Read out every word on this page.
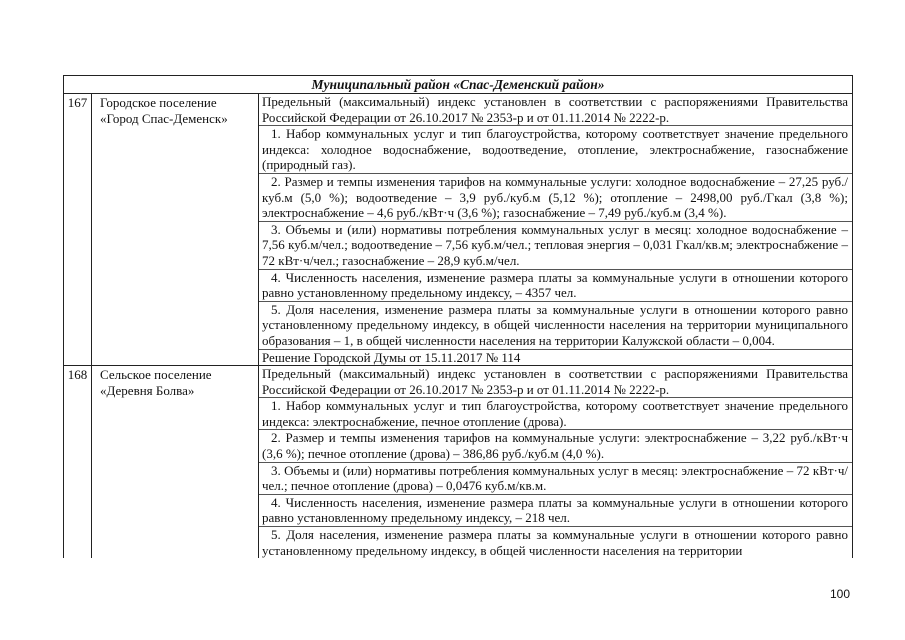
Муниципальный район «Спас-Деменский район»
167 Городское поселение «Город Спас-Деменск»
Предельный (максимальный) индекс установлен в соответствии с распоряжениями Правительства Российской Федерации от 26.10.2017 № 2353-р и от 01.11.2014 № 2222-р.
1. Набор коммунальных услуг и тип благоустройства, которому соответствует значение предельного индекса: холодное водоснабжение, водоотведение, отопление, электроснабжение, газоснабжение (природный газ).
2. Размер и темпы изменения тарифов на коммунальные услуги: холодное водоснабжение – 27,25 руб./куб.м (5,0 %); водоотведение – 3,9 руб./куб.м (5,12 %); отопление – 2498,00 руб./Гкал (3,8 %); электроснабжение – 4,6 руб./кВт·ч (3,6 %); газоснабжение – 7,49 руб./куб.м (3,4 %).
3. Объемы и (или) нормативы потребления коммунальных услуг в месяц: холодное водоснабжение – 7,56 куб.м/чел.; водоотведение – 7,56 куб.м/чел.; тепловая энергия – 0,031 Гкал/кв.м; электроснабжение – 72 кВт·ч/чел.; газоснабжение – 28,9 куб.м/чел.
4. Численность населения, изменение размера платы за коммунальные услуги в отношении которого равно установленному предельному индексу, – 4357 чел.
5. Доля населения, изменение размера платы за коммунальные услуги в отношении которого равно установленному предельному индексу, в общей численности населения на территории муниципального образования – 1, в общей численности населения на территории Калужской области – 0,004.
Решение Городской Думы от 15.11.2017 № 114
168 Сельское поселение «Деревня Болва»
Предельный (максимальный) индекс установлен в соответствии с распоряжениями Правительства Российской Федерации от 26.10.2017 № 2353-р и от 01.11.2014 № 2222-р.
1. Набор коммунальных услуг и тип благоустройства, которому соответствует значение предельного индекса: электроснабжение, печное отопление (дрова).
2. Размер и темпы изменения тарифов на коммунальные услуги: электроснабжение – 3,22 руб./кВт·ч (3,6 %); печное отопление (дрова) – 386,86 руб./куб.м (4,0 %).
3. Объемы и (или) нормативы потребления коммунальных услуг в месяц: электроснабжение – 72 кВт·ч/чел.; печное отопление (дрова) – 0,0476 куб.м/кв.м.
4. Численность населения, изменение размера платы за коммунальные услуги в отношении которого равно установленному предельному индексу, – 218 чел.
5. Доля населения, изменение размера платы за коммунальные услуги в отношении которого равно установленному предельному индексу, в общей численности населения на территории
100
